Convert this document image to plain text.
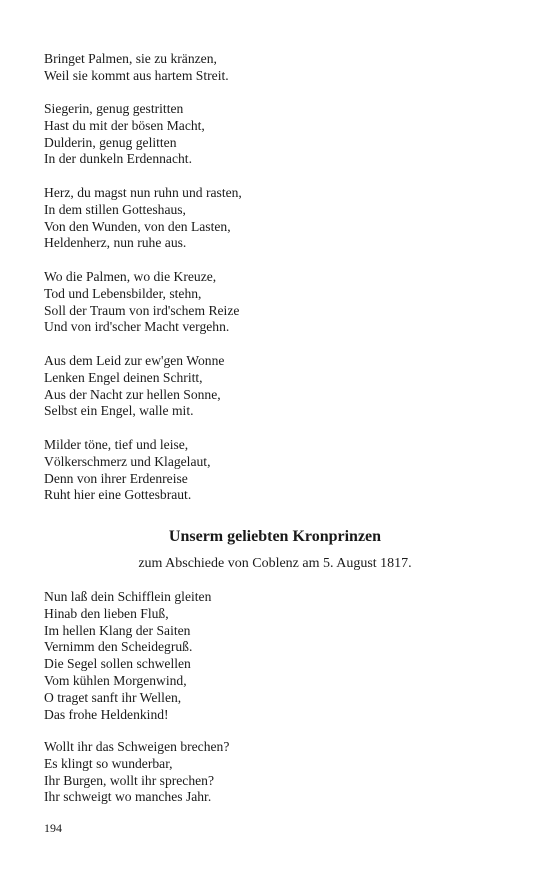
Bringet Palmen, sie zu kränzen,
Weil sie kommt aus hartem Streit.
Siegerin, genug gestritten
Hast du mit der bösen Macht,
Dulderin, genug gelitten
In der dunkeln Erdennacht.
Herz, du magst nun ruhn und rasten,
In dem stillen Gotteshaus,
Von den Wunden, von den Lasten,
Heldenherz, nun ruhe aus.
Wo die Palmen, wo die Kreuze,
Tod und Lebensbilder, stehn,
Soll der Traum von ird'schem Reize
Und von ird'scher Macht vergehn.
Aus dem Leid zur ew'gen Wonne
Lenken Engel deinen Schritt,
Aus der Nacht zur hellen Sonne,
Selbst ein Engel, walle mit.
Milder töne, tief und leise,
Völkerschmerz und Klagelaut,
Denn von ihrer Erdenreise
Ruht hier eine Gottesbraut.
Unserm geliebten Kronprinzen
zum Abschiede von Coblenz am 5. August 1817.
Nun laß dein Schifflein gleiten
Hinab den lieben Fluß,
Im hellen Klang der Saiten
Vernimm den Scheidegruß.
Die Segel sollen schwellen
Vom kühlen Morgenwind,
O traget sanft ihr Wellen,
Das frohe Heldenkind!
Wollt ihr das Schweigen brechen?
Es klingt so wunderbar,
Ihr Burgen, wollt ihr sprechen?
Ihr schweigt wo manches Jahr.
194
